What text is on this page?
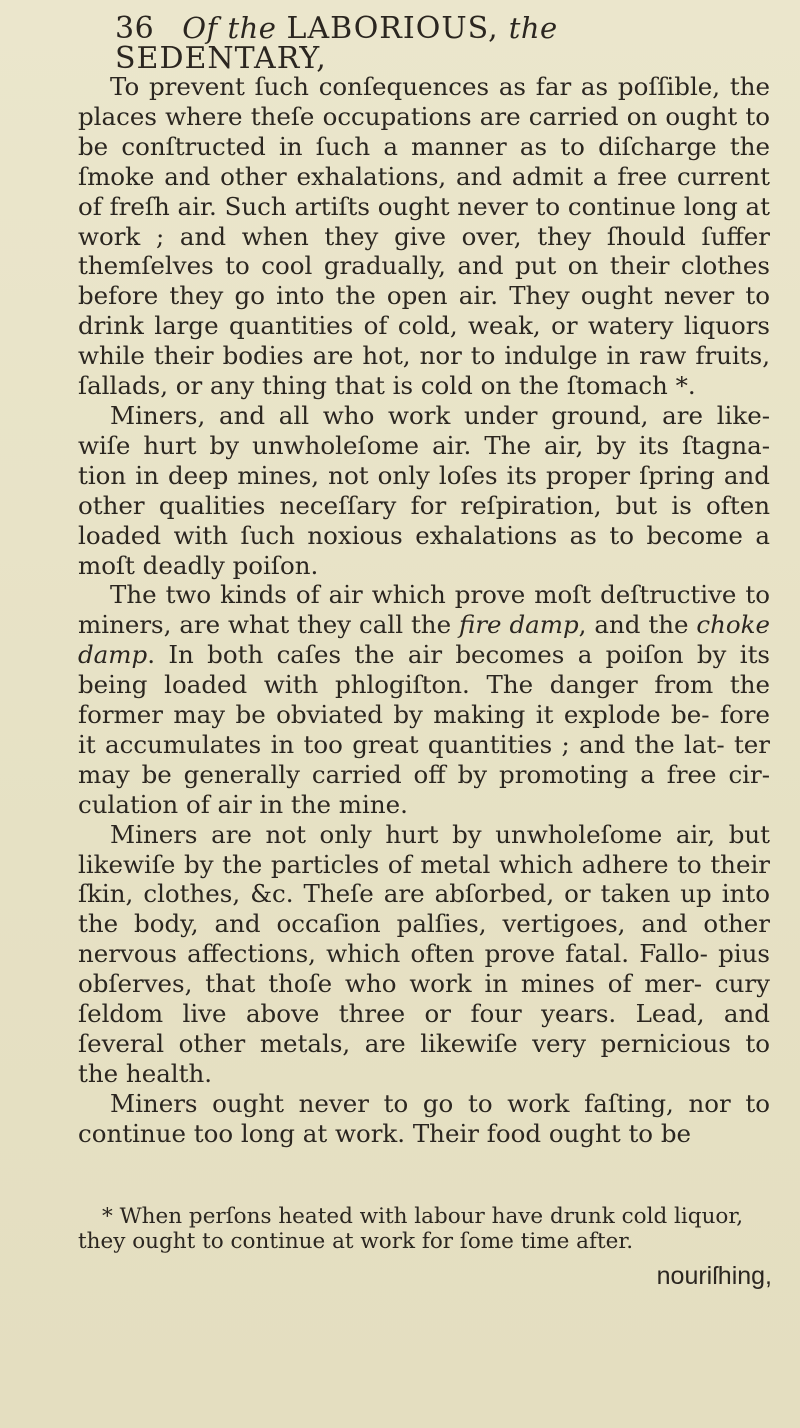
36 Of the LABORIOUS, the SEDENTARY,

To prevent ſuch conſequences as far as poſſible, the places where theſe occupations are carried on ought to be conſtructed in ſuch a manner as to diſcharge the ſmoke and other exhalations, and admit a free current of freſh air. Such artiſts ought never to continue long at work ; and when they give over, they ſhould ſuffer themſelves to cool gradually, and put on their clothes before they go into the open air. They ought never to drink large quantities of cold, weak, or watery liquors while their bodies are hot, nor to indulge in raw fruits, ſallads, or any thing that is cold on the ſtomach *.

Miners, and all who work under ground, are like- wiſe hurt by unwholeſome air. The air, by its ſtagna- tion in deep mines, not only loſes its proper ſpring and other qualities neceſſary for reſpiration, but is often loaded with ſuch noxious exhalations as to become a moſt deadly poiſon.

The two kinds of air which prove moſt deſtructive to miners, are what they call the fire damp, and the choke damp. In both caſes the air becomes a poiſon by its being loaded with phlogiſton. The danger from the former may be obviated by making it explode be- fore it accumulates in too great quantities ; and the lat- ter may be generally carried off by promoting a free cir- culation of air in the mine.

Miners are not only hurt by unwholeſome air, but likewiſe by the particles of metal which adhere to their ſkin, clothes, &c. Theſe are abſorbed, or taken up into the body, and occaſion palſies, vertigoes, and other nervous affections, which often prove fatal. Fallo- pius obſerves, that thoſe who work in mines of mer- cury ſeldom live above three or four years. Lead, and ſeveral other metals, are likewiſe very pernicious to the health.

Miners ought never to go to work faſting, nor to continue too long at work. Their food ought to be

* When perſons heated with labour have drunk cold liquor, they ought to continue at work for ſome time after.

nouriſhing,
